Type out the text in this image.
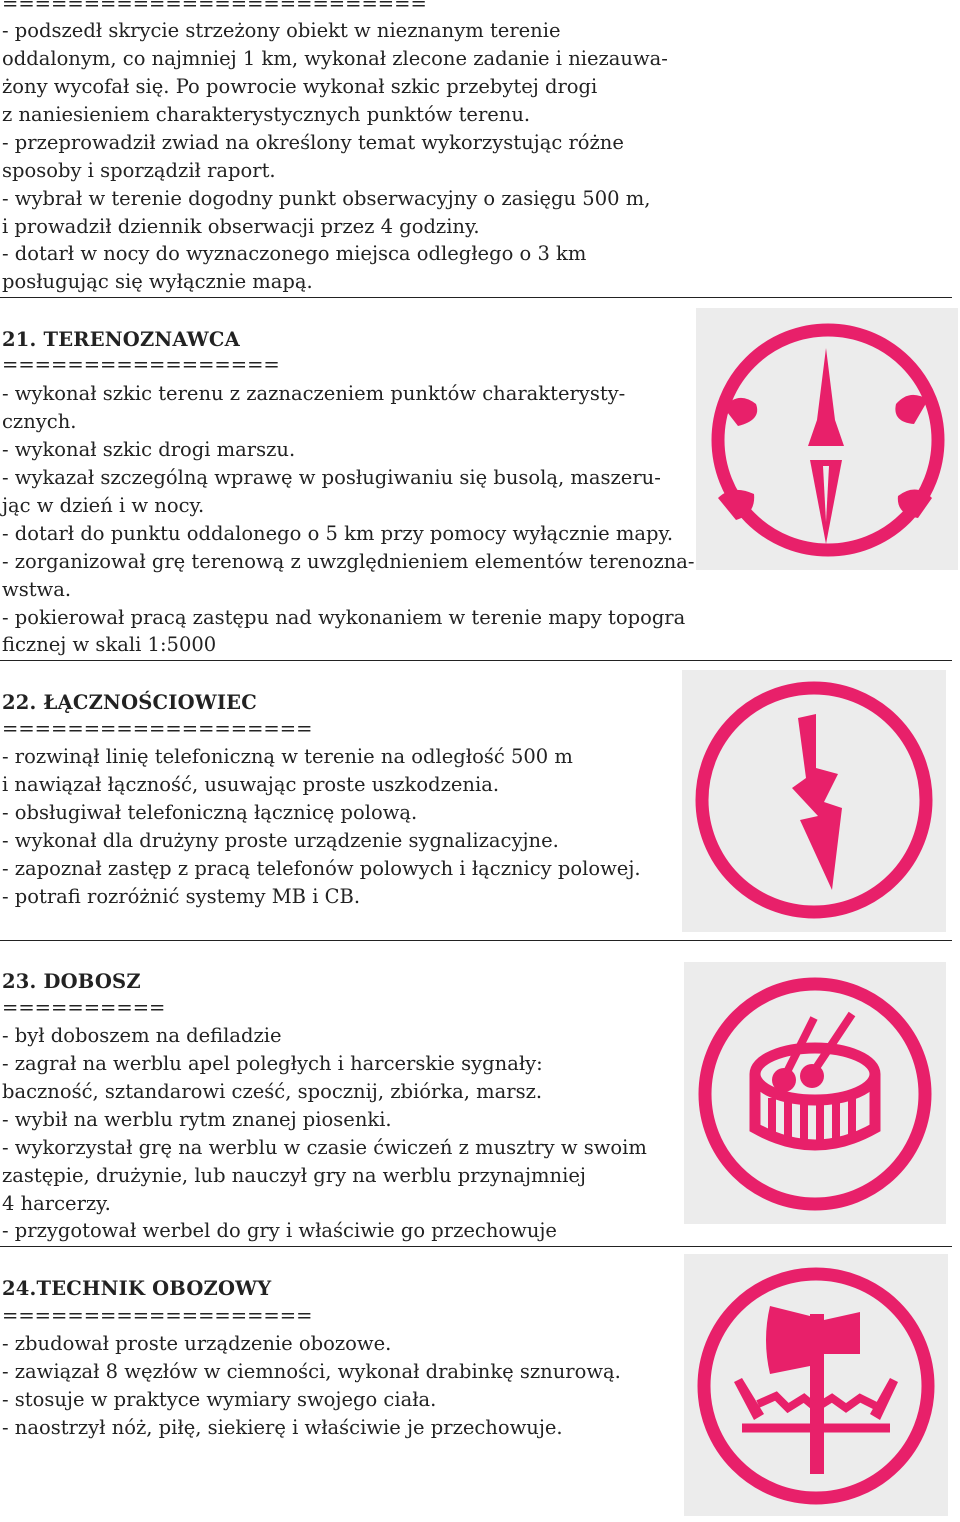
==========================
- podszedł skrycie strzeżony obiekt w nieznanym terenie
oddalonym, co najmniej 1 km, wykonał zlecone zadanie i niezauwa-
żony wycofał się. Po powrocie wykonał szkic przebytej drogi
z naniesieniem charakterystycznych punktów terenu.
- przeprowadził zwiad na określony temat wykorzystując różne
sposoby i sporządził raport.
- wybrał w terenie dogodny punkt obserwacyjny o zasięgu 500 m,
i prowadził dziennik obserwacji przez 4 godziny.
- dotarł w nocy do wyznaczonego miejsca odległego o 3 km
posługując się wyłącznie mapą.
21. TERENOZNAWCA
=================
- wykonał szkic terenu z zaznaczeniem punktów charakterysty-
cznych.
- wykonał szkic drogi marszu.
- wykazał szczególną wprawę w posługiwaniu się busolą, maszeru-
jąc w dzień i w nocy.
- dotarł do punktu oddalonego o 5 km przy pomocy wyłącznie mapy.
- zorganizował grę terenową z uwzględnieniem elementów terenozna-
wstwa.
- pokierował pracą zastępu nad wykonaniem w terenie mapy topogra
ficznej w skali 1:5000
22. ŁĄCZNOŚCIOWIEC
===================
- rozwinął linię telefoniczną w terenie na odległość 500 m
i nawiązał łączność, usuwając proste uszkodzenia.
- obsługiwał telefoniczną łącznicę polową.
- wykonał dla drużyny proste urządzenie sygnalizacyjne.
- zapoznał zastęp z pracą telefonów polowych i łącznicy polowej.
- potrafi rozróżnić systemy MB i CB.
23. DOBOSZ
==========
- był doboszem na defiladzie
- zagrał na werblu apel poległych i harcerskie sygnały:
baczność, sztandarowi cześć, spocznij, zbiórka, marsz.
- wybił na werblu rytm znanej piosenki.
- wykorzystał grę na werblu w czasie ćwiczeń z musztry w swoim
zastępie, drużynie, lub nauczył gry na werblu przynajmniej
4 harcerzy.
- przygotował werbel do gry i właściwie go przechowuje
24.TECHNIK OBOZOWY
===================
- zbudował proste urządzenie obozowe.
- zawiązał 8 węzłów w ciemności, wykonał drabinkę sznurową.
- stosuje w praktyce wymiary swojego ciała.
- naostrzył nóż, piłę, siekierę i właściwie je przechowuje.
